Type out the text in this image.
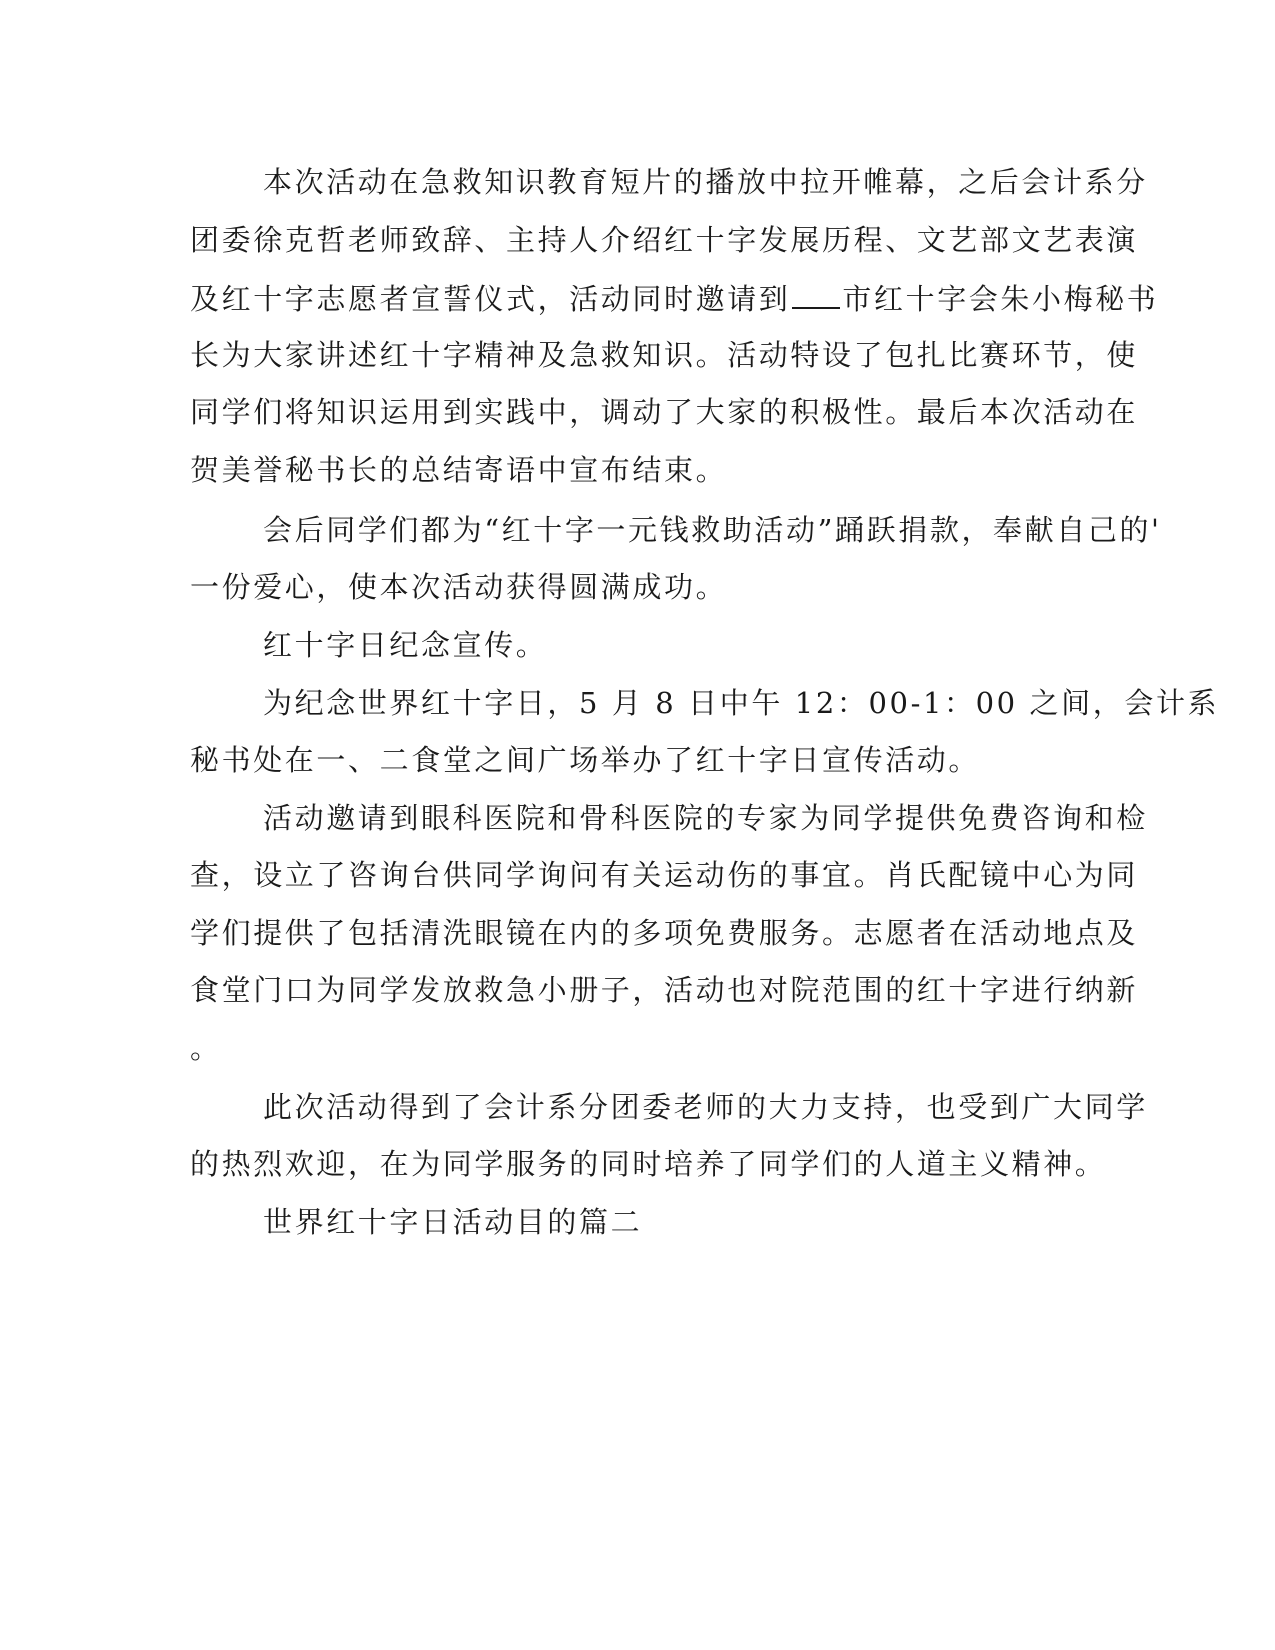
本次活动在急救知识教育短片的播放中拉开帷幕，之后会计系分
团委徐克哲老师致辞、主持人介绍红十字发展历程、文艺部文艺表演
及红十字志愿者宣誓仪式，活动同时邀请到 市红十字会朱小梅秘书
长为大家讲述红十字精神及急救知识。活动特设了包扎比赛环节，使
同学们将知识运用到实践中，调动了大家的积极性。最后本次活动在
贺美誉秘书长的总结寄语中宣布结束。
会后同学们都为“红十字一元钱救助活动”踊跃捐款，奉献自己的'
一份爱心，使本次活动获得圆满成功。
红十字日纪念宣传。
为纪念世界红十字日，5 月 8 日中午 12：00-1：00 之间，会计系
秘书处在一、二食堂之间广场举办了红十字日宣传活动。
活动邀请到眼科医院和骨科医院的专家为同学提供免费咨询和检
查，设立了咨询台供同学询问有关运动伤的事宜。肖氏配镜中心为同
学们提供了包括清洗眼镜在内的多项免费服务。志愿者在活动地点及
食堂门口为同学发放救急小册子，活动也对院范围的红十字进行纳新
。
此次活动得到了会计系分团委老师的大力支持，也受到广大同学
的热烈欢迎，在为同学服务的同时培养了同学们的人道主义精神。
世界红十字日活动目的篇二
